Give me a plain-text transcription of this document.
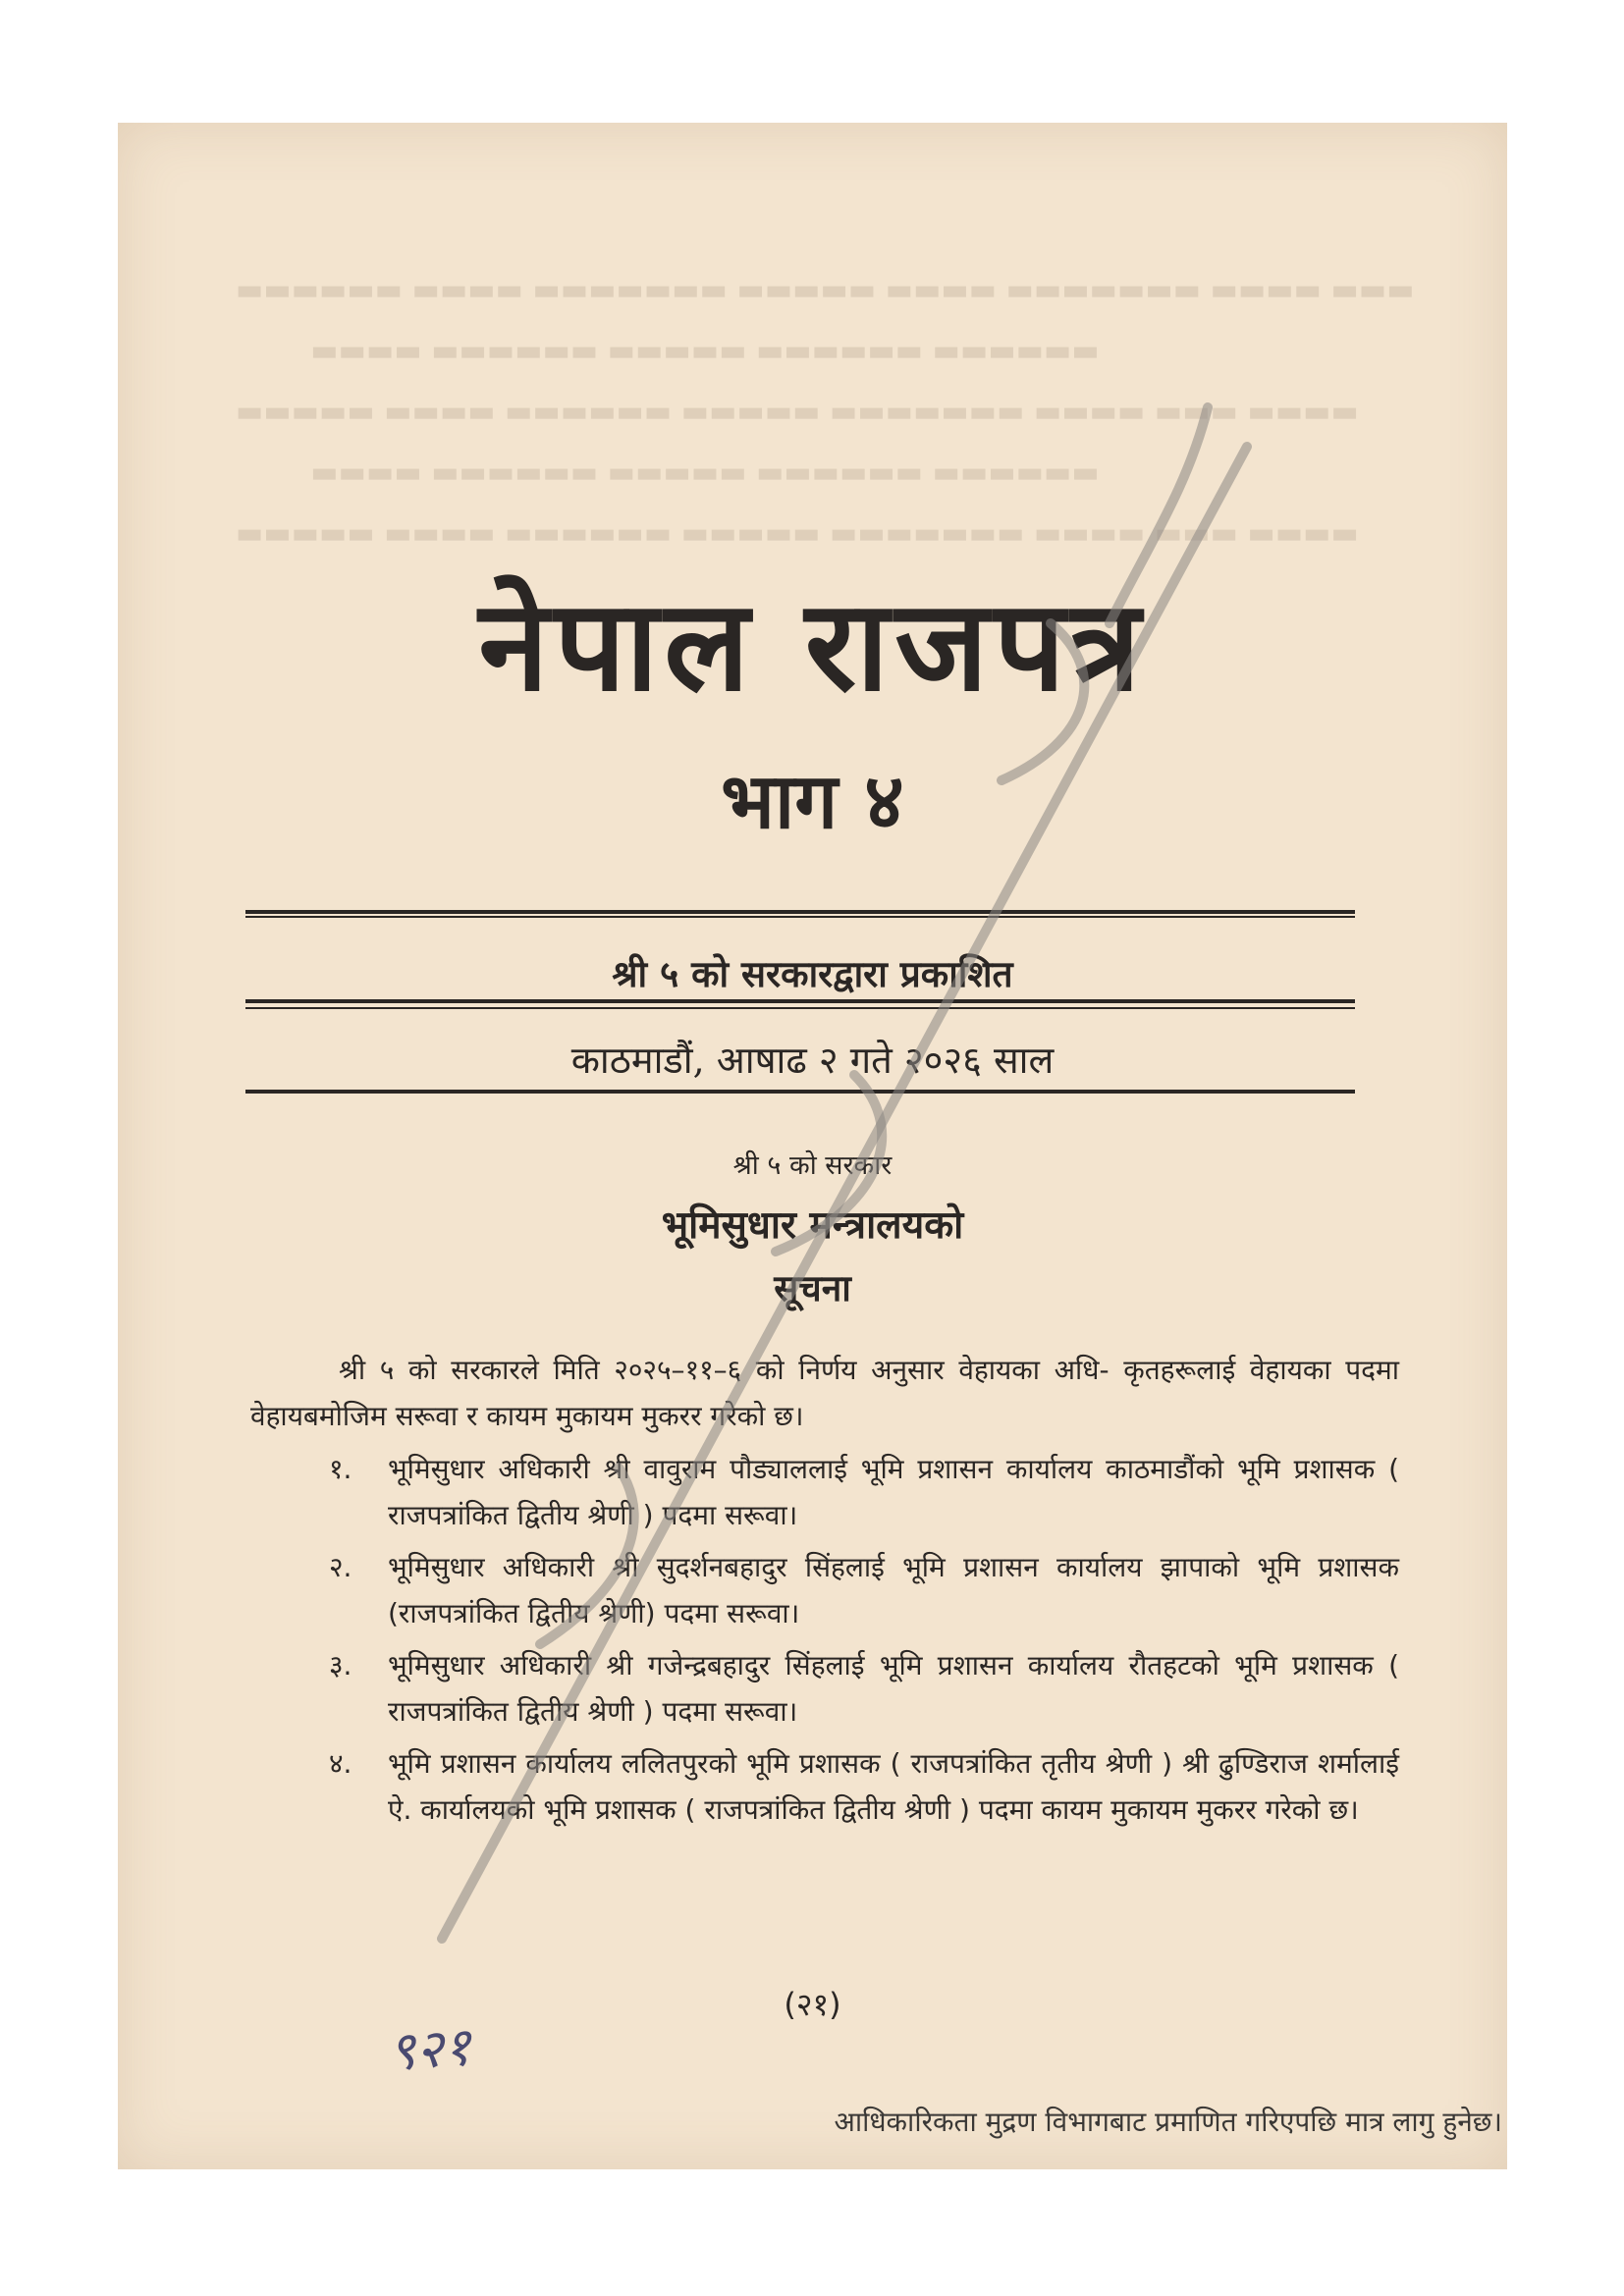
▬▬▬▬▬▬ ▬▬▬▬ ▬▬▬▬▬▬▬ ▬▬▬▬▬ ▬▬▬▬ ▬▬▬▬▬▬▬ ▬▬▬▬ ▬▬▬
▬▬▬▬ ▬▬▬▬▬▬ ▬▬▬▬▬ ▬▬▬▬▬▬ ▬▬▬▬▬▬
▬▬▬▬▬ ▬▬▬▬ ▬▬▬▬▬▬ ▬▬▬▬▬ ▬▬▬▬▬▬▬ ▬▬▬▬ ▬▬▬ ▬▬▬▬
▬▬▬▬ ▬▬▬▬▬▬ ▬▬▬▬▬ ▬▬▬▬▬▬ ▬▬▬▬▬▬
▬▬▬▬▬ ▬▬▬▬ ▬▬▬▬▬▬ ▬▬▬▬▬ ▬▬▬▬▬▬▬ ▬▬▬▬ ▬▬▬ ▬▬▬▬
नेपाल राजपत्र
भाग ४
श्री ५ को सरकारद्वारा प्रकाशित
काठमाडौं, आषाढ २ गते २०२६ साल
श्री ५ को सरकार
भूमिसुधार मन्त्रालयको
सूचना
श्री ५ को सरकारले मिति २०२५–११–६ को निर्णय अनुसार वेहायका अधि- कृतहरूलाई वेहायका पदमा वेहायबमोजिम सरूवा र कायम मुकायम मुकरर गरेको छ।
१.	भूमिसुधार अधिकारी श्री वावुराम पौड्याललाई भूमि प्रशासन कार्यालय काठमाडौंको भूमि प्रशासक ( राजपत्रांकित द्वितीय श्रेणी ) पदमा सरूवा।
२.	भूमिसुधार अधिकारी श्री सुदर्शनबहादुर सिंहलाई भूमि प्रशासन कार्यालय झापाको भूमि प्रशासक (राजपत्रांकित द्वितीय श्रेणी) पदमा सरूवा।
३.	भूमिसुधार अधिकारी श्री गजेन्द्रबहादुर सिंहलाई भूमि प्रशासन कार्यालय रौतहटको भूमि प्रशासक ( राजपत्रांकित द्वितीय श्रेणी ) पदमा सरूवा।
४.	भूमि प्रशासन कार्यालय ललितपुरको भूमि प्रशासक ( राजपत्रांकित तृतीय श्रेणी ) श्री ढुण्डिराज शर्मालाई ऐ. कार्यालयको भूमि प्रशासक ( राजपत्रांकित द्वितीय श्रेणी ) पदमा कायम मुकायम मुकरर गरेको छ।
(२१)
९२१
आधिकारिकता मुद्रण विभागबाट प्रमाणित गरिएपछि मात्र लागु हुनेछ।
